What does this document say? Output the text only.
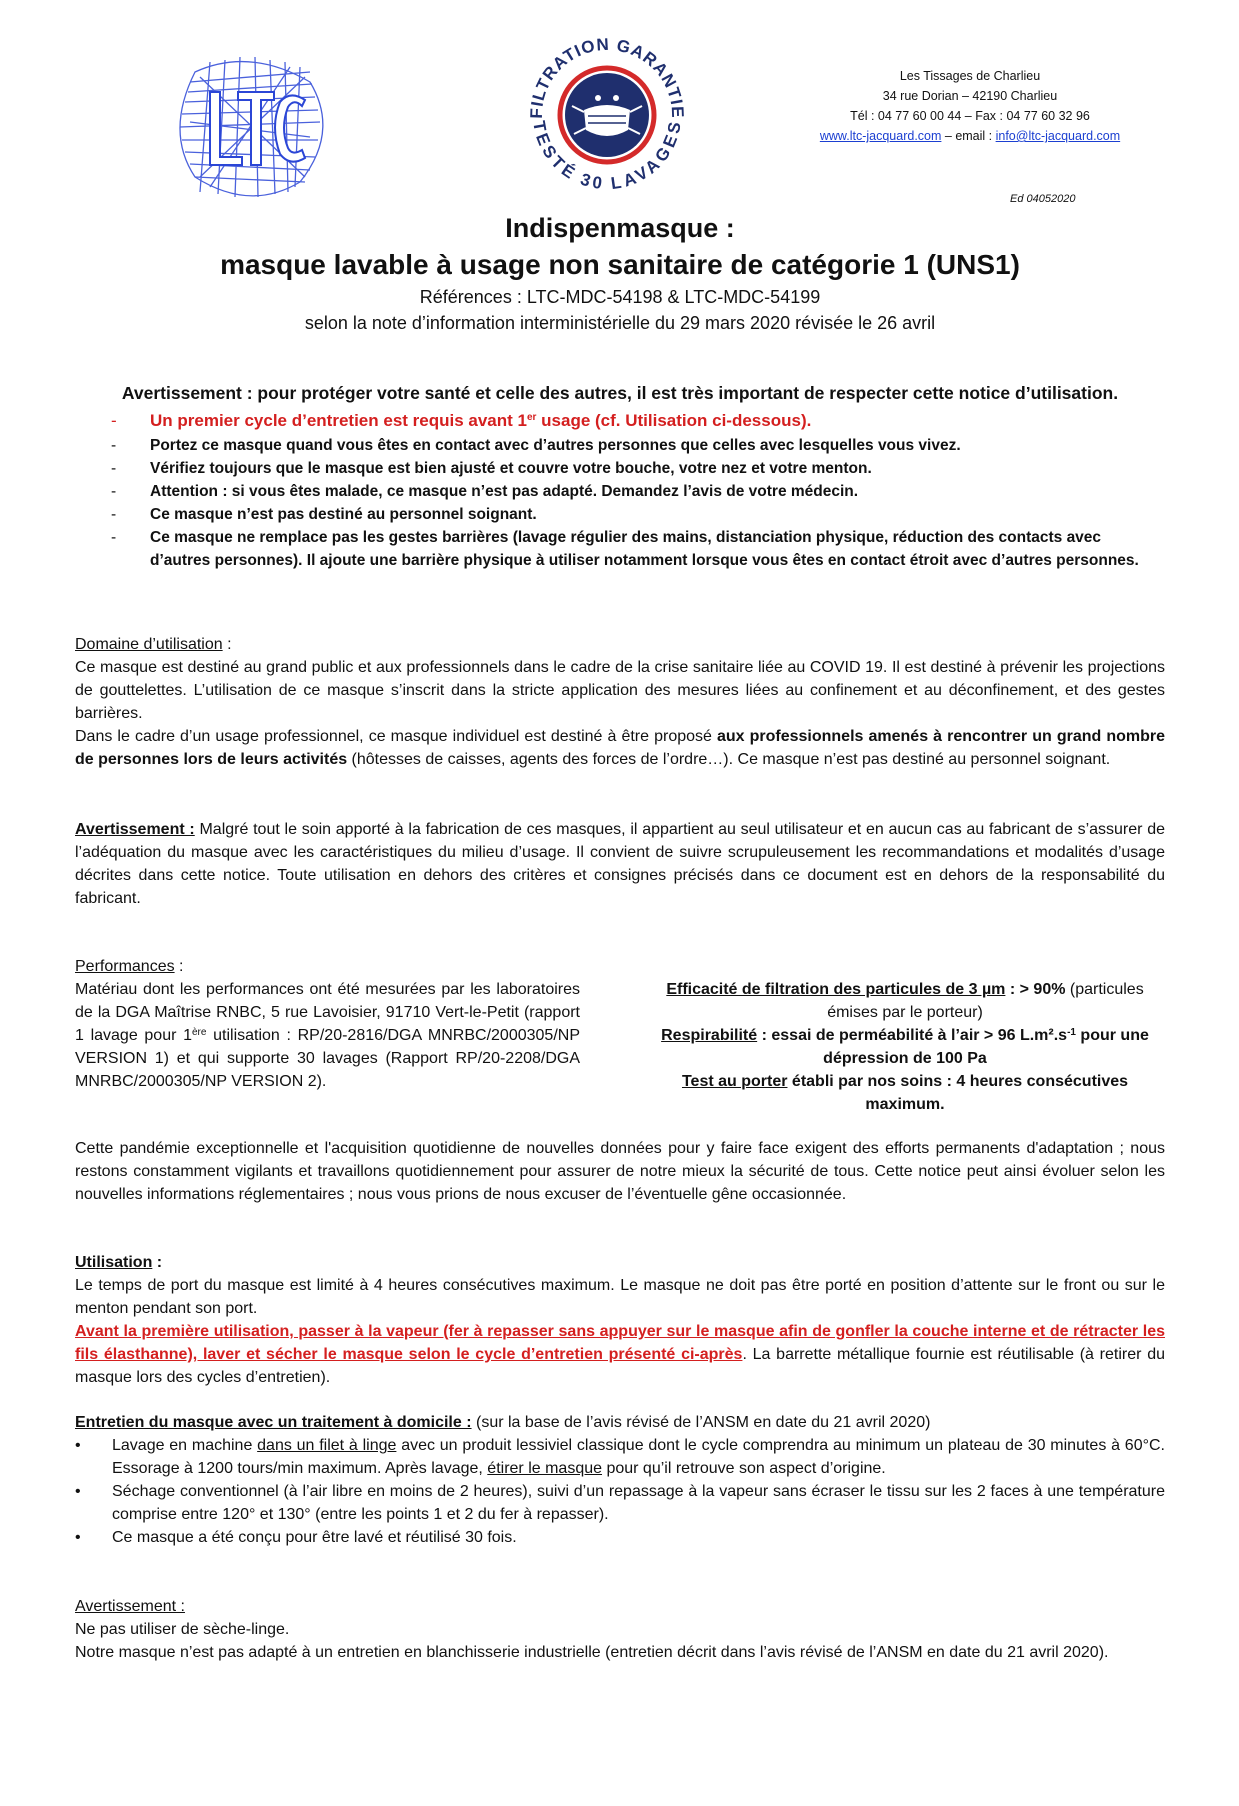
LTC
FILTRATION GARANTIE
TESTÉ 30 LAVAGES
Les Tissages de Charlieu
34 rue Dorian – 42190 Charlieu
Tél : 04 77 60 00 44 – Fax : 04 77 60 32 96
www.ltc-jacquard.com – email : info@ltc-jacquard.com
Ed 04052020
Indispenmasque :
masque lavable à usage non sanitaire de catégorie 1 (UNS1)
Références : LTC-MDC-54198 & LTC-MDC-54199
selon la note d’information interministérielle du 29 mars 2020 révisée le 26 avril
Avertissement : pour protéger votre santé et celle des autres, il est très important de respecter cette notice d’utilisation.
- Un premier cycle d’entretien est requis avant 1er usage (cf. Utilisation ci-dessous).
- Portez ce masque quand vous êtes en contact avec d’autres personnes que celles avec lesquelles vous vivez.
- Vérifiez toujours que le masque est bien ajusté et couvre votre bouche, votre nez et votre menton.
- Attention : si vous êtes malade, ce masque n’est pas adapté. Demandez l’avis de votre médecin.
- Ce masque n’est pas destiné au personnel soignant.
- Ce masque ne remplace pas les gestes barrières (lavage régulier des mains, distanciation physique, réduction des contacts avec d’autres personnes). Il ajoute une barrière physique à utiliser notamment lorsque vous êtes en contact étroit avec d’autres personnes.

Domaine d’utilisation :

Ce masque est destiné au grand public et aux professionnels dans le cadre de la crise sanitaire liée au COVID 19. Il est destiné à prévenir les projections de gouttelettes. L’utilisation de ce masque s’inscrit dans la stricte application des mesures liées au confinement et au déconfinement, et des gestes barrières.

Dans le cadre d’un usage professionnel, ce masque individuel est destiné à être proposé aux professionnels amenés à rencontrer un grand nombre de personnes lors de leurs activités (hôtesses de caisses, agents des forces de l’ordre…). Ce masque n’est pas destiné au personnel soignant.

Avertissement : Malgré tout le soin apporté à la fabrication de ces masques, il appartient au seul utilisateur et en aucun cas au fabricant de s’assurer de l’adéquation du masque avec les caractéristiques du milieu d’usage. Il convient de suivre scrupuleusement les recommandations et modalités d’usage décrites dans cette notice. Toute utilisation en dehors des critères et consignes précisés dans ce document est en dehors de la responsabilité du fabricant.

Performances :

Matériau dont les performances ont été mesurées par les laboratoires de la DGA Maîtrise RNBC, 5 rue Lavoisier, 91710 Vert-le-Petit (rapport 1 lavage pour 1ère utilisation : RP/20-2816/DGA MNRBC/2000305/NP VERSION 1) et qui supporte 30 lavages (Rapport RP/20-2208/DGA MNRBC/2000305/NP VERSION 2).
Efficacité de filtration des particules de 3 µm : > 90% (particules émises par le porteur)
Respirabilité : essai de perméabilité à l’air > 96 $L.m^2.s^{-1}$ pour une dépression de 100 Pa
Test au porter établi par nos soins : 4 heures consécutives maximum.
Cette pandémie exceptionnelle et l'acquisition quotidienne de nouvelles données pour y faire face exigent des efforts permanents d'adaptation ; nous restons constamment vigilants et travaillons quotidiennement pour assurer de notre mieux la sécurité de tous. Cette notice peut ainsi évoluer selon les nouvelles informations réglementaires ; nous vous prions de nous excuser de l’éventuelle gêne occasionnée.

Utilisation :

Le temps de port du masque est limité à 4 heures consécutives maximum. Le masque ne doit pas être porté en position d’attente sur le front ou sur le menton pendant son port.

Avant la première utilisation, passer à la vapeur (fer à repasser sans appuyer sur le masque afin de gonfler la couche interne et de rétracter les fils élasthanne), laver et sécher le masque selon le cycle d’entretien présenté ci-après. La barrette métallique fournie est réutilisable (à retirer du masque lors des cycles d’entretien).

Entretien du masque avec un traitement à domicile : (sur la base de l’avis révisé de l’ANSM en date du 21 avril 2020)

• Lavage en machine dans un filet à linge avec un produit lessiviel classique dont le cycle comprendra au minimum un plateau de 30 minutes à 60°C. Essorage à 1200 tours/min maximum. Après lavage, étirer le masque pour qu’il retrouve son aspect d’origine.
• Séchage conventionnel (à l’air libre en moins de 2 heures), suivi d’un repassage à la vapeur sans écraser le tissu sur les 2 faces à une température comprise entre 120° et 130° (entre les points 1 et 2 du fer à repasser).
• Ce masque a été conçu pour être lavé et réutilisé 30 fois.

Avertissement :

Ne pas utiliser de sèche-linge.

Notre masque n’est pas adapté à un entretien en blanchisserie industrielle (entretien décrit dans l’avis révisé de l’ANSM en date du 21 avril 2020).
